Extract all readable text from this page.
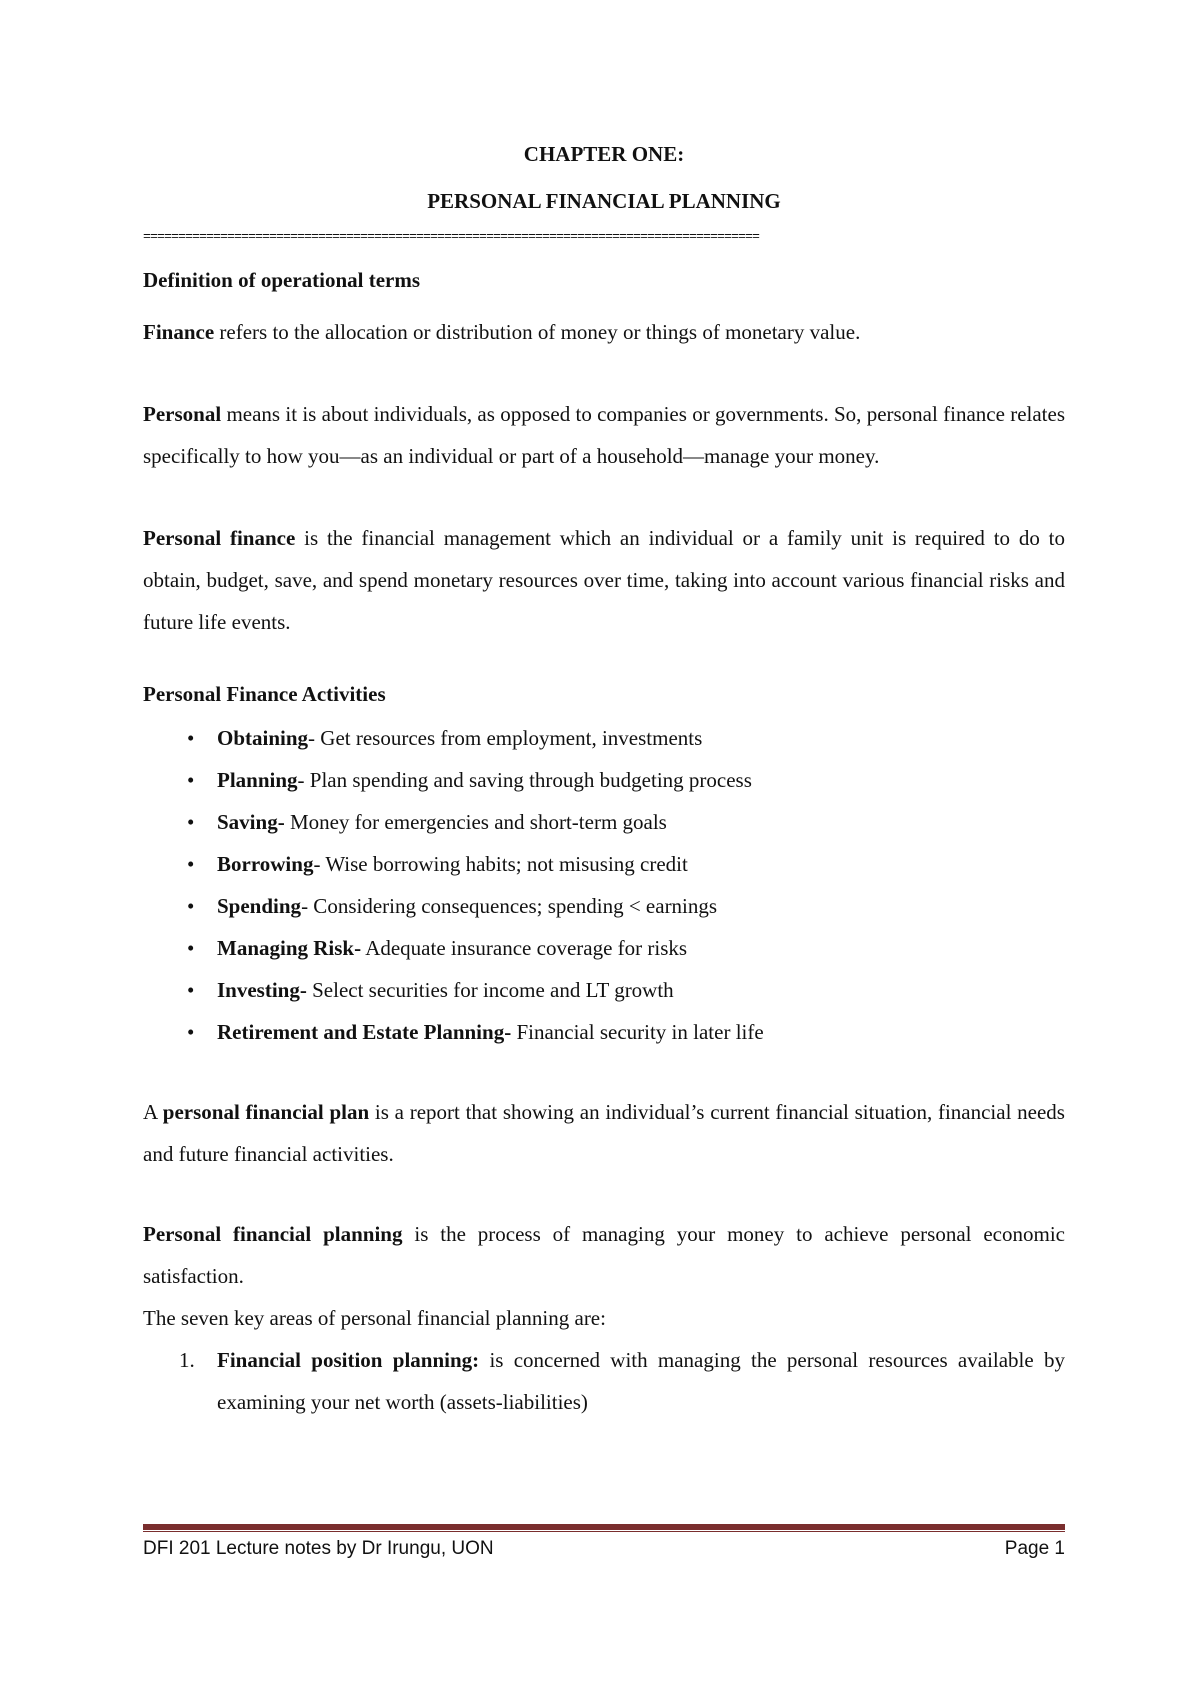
CHAPTER ONE:

PERSONAL FINANCIAL PLANNING

========================================================================================

Definition of operational terms

Finance refers to the allocation or distribution of money or things of monetary value.

Personal means it is about individuals, as opposed to companies or governments. So, personal finance relates specifically to how you—as an individual or part of a household—manage your money.

Personal finance is the financial management which an individual or a family unit is required to do to obtain, budget, save, and spend monetary resources over time, taking into account various financial risks and future life events.

Personal Finance Activities

• Obtaining- Get resources from employment, investments
• Planning- Plan spending and saving through budgeting process
• Saving- Money for emergencies and short-term goals
• Borrowing- Wise borrowing habits; not misusing credit
• Spending- Considering consequences; spending < earnings
• Managing Risk- Adequate insurance coverage for risks
• Investing- Select securities for income and LT growth
• Retirement and Estate Planning- Financial security in later life

A personal financial plan is a report that showing an individual’s current financial situation, financial needs and future financial activities.

Personal financial planning is the process of managing your money to achieve personal economic satisfaction.

The seven key areas of personal financial planning are:

1. Financial position planning: is concerned with managing the personal resources available by examining your net worth (assets-liabilities)
DFI 201 Lecture notes by Dr Irungu, UON	Page 1
